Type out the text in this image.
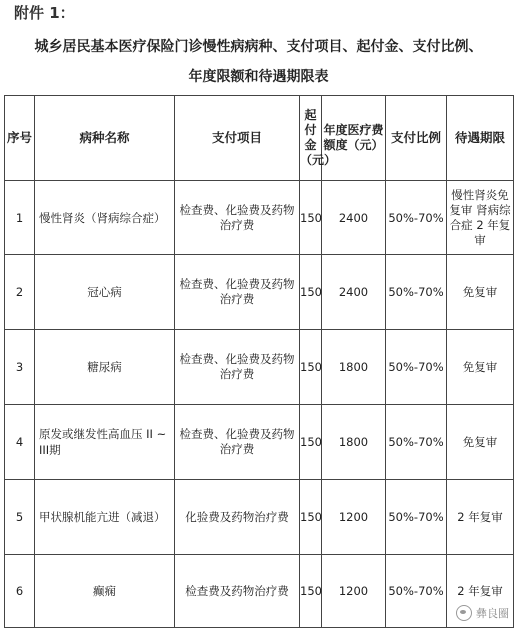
附件 1：
城乡居民基本医疗保险门诊慢性病病种、支付项目、起付金、支付比例、
年度限额和待遇期限表
序号	病种名称	支付项目	起付金（元）	年度医疗费额度（元）	支付比例	待遇期限
1	慢性肾炎（肾病综合症）	检查费、化验费及药物治疗费	150	2400	50%-70%	慢性肾炎免复审 肾病综合症 2 年复审
2	冠心病	检查费、化验费及药物治疗费	150	2400	50%-70%	免复审
3	糖尿病	检查费、化验费及药物治疗费	150	1800	50%-70%	免复审
4	原发或继发性高血压 II ~ III期	检查费、化验费及药物治疗费	150	1800	50%-70%	免复审
5	甲状腺机能亢进（减退）	化验费及药物治疗费	150	1200	50%-70%	2 年复审
6	癫痫	检查费及药物治疗费	150	1200	50%-70%	2 年复审
彝良圈
